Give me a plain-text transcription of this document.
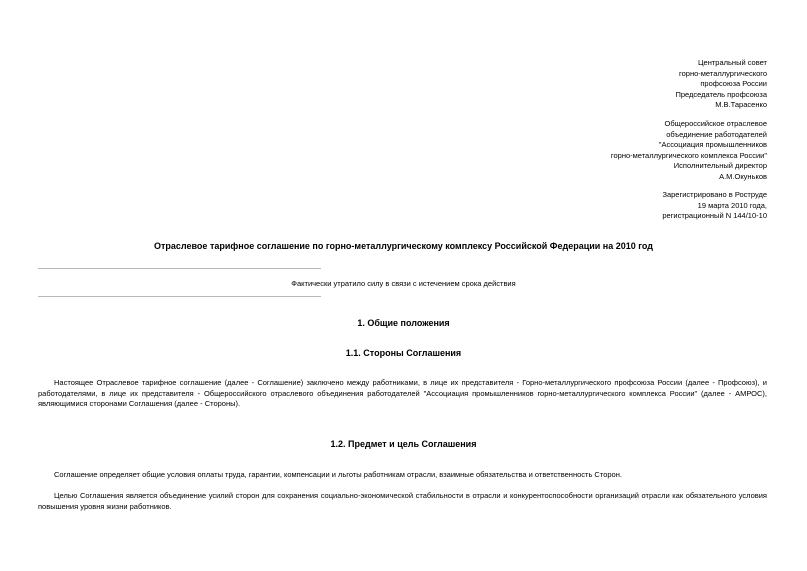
Центральный совет
горно-металлургического
профсоюза России
Председатель профсоюза
М.В.Тарасенко
Общероссийское отраслевое
объединение работодателей
"Ассоциация промышленников
горно-металлургического комплекса России"
Исполнительный директор
А.М.Окуньков
Зарегистрировано в Роструде
19 марта 2010 года,
регистрационный N 144/10-10
Отраслевое тарифное соглашение по горно-металлургическому комплексу Российской Федерации на 2010 год
Фактически утратило силу в связи с истечением срока действия
1. Общие положения
1.1. Стороны Соглашения
Настоящее Отраслевое тарифное соглашение (далее - Соглашение) заключено между работниками, в лице их представителя - Горно-металлургического профсоюза России (далее - Профсоюз), и работодателями, в лице их представителя - Общероссийского отраслевого объединения работодателей "Ассоциация промышленников горно-металлургического комплекса России" (далее - АМРОС), являющимися сторонами Соглашения (далее - Стороны).
1.2. Предмет и цель Соглашения
Соглашение определяет общие условия оплаты труда, гарантии, компенсации и льготы работникам отрасли, взаимные обязательства и ответственность Сторон.
Целью Соглашения является объединение усилий сторон для сохранения социально-экономической стабильности в отрасли и конкурентоспособности организаций отрасли как обязательного условия повышения уровня жизни работников.
